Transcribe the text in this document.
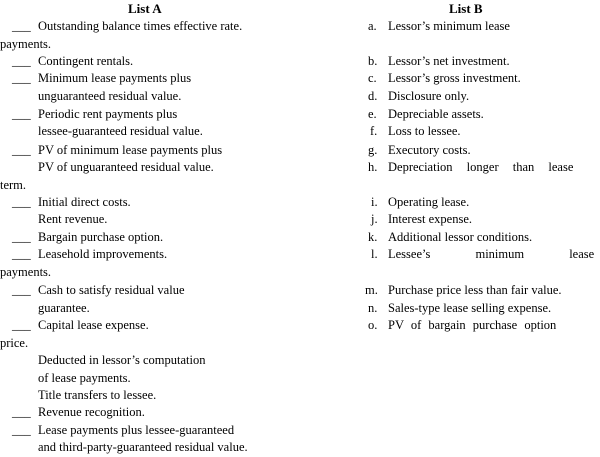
List A	List B
___
___
___
___
___
___
___
___
___
___
___
___
Outstanding balance times effective rate.
payments.
Contingent rentals.
Minimum lease payments plus
unguaranteed residual value.
Periodic rent payments plus
lessee-guaranteed residual value.
PV of minimum lease payments plus
PV of unguaranteed residual value.
term.
Initial direct costs.
Rent revenue.
Bargain purchase option.
Leasehold improvements.
payments.
Cash to satisfy residual value
guarantee.
Capital lease expense.
price.
Deducted in lessor’s computation
of lease payments.
Title transfers to lessee.
Revenue recognition.
Lease payments plus lessee-guaranteed
and third-party-guaranteed residual value.
a.
b.
c.
d.
e.
f.
g.
h.
i.
j.
k.
l.
m.
n.
o.
Lessor’s minimum lease
Lessor’s net investment.
Lessor’s gross investment.
Disclosure only.
Depreciable assets.
Loss to lessee.
Executory costs.
Depreciation longer than lease
Operating lease.
Interest expense.
Additional lessor conditions.
Lessee’s minimum lease
Purchase price less than fair value.
Sales-type lease selling expense.
PV of bargain purchase option
